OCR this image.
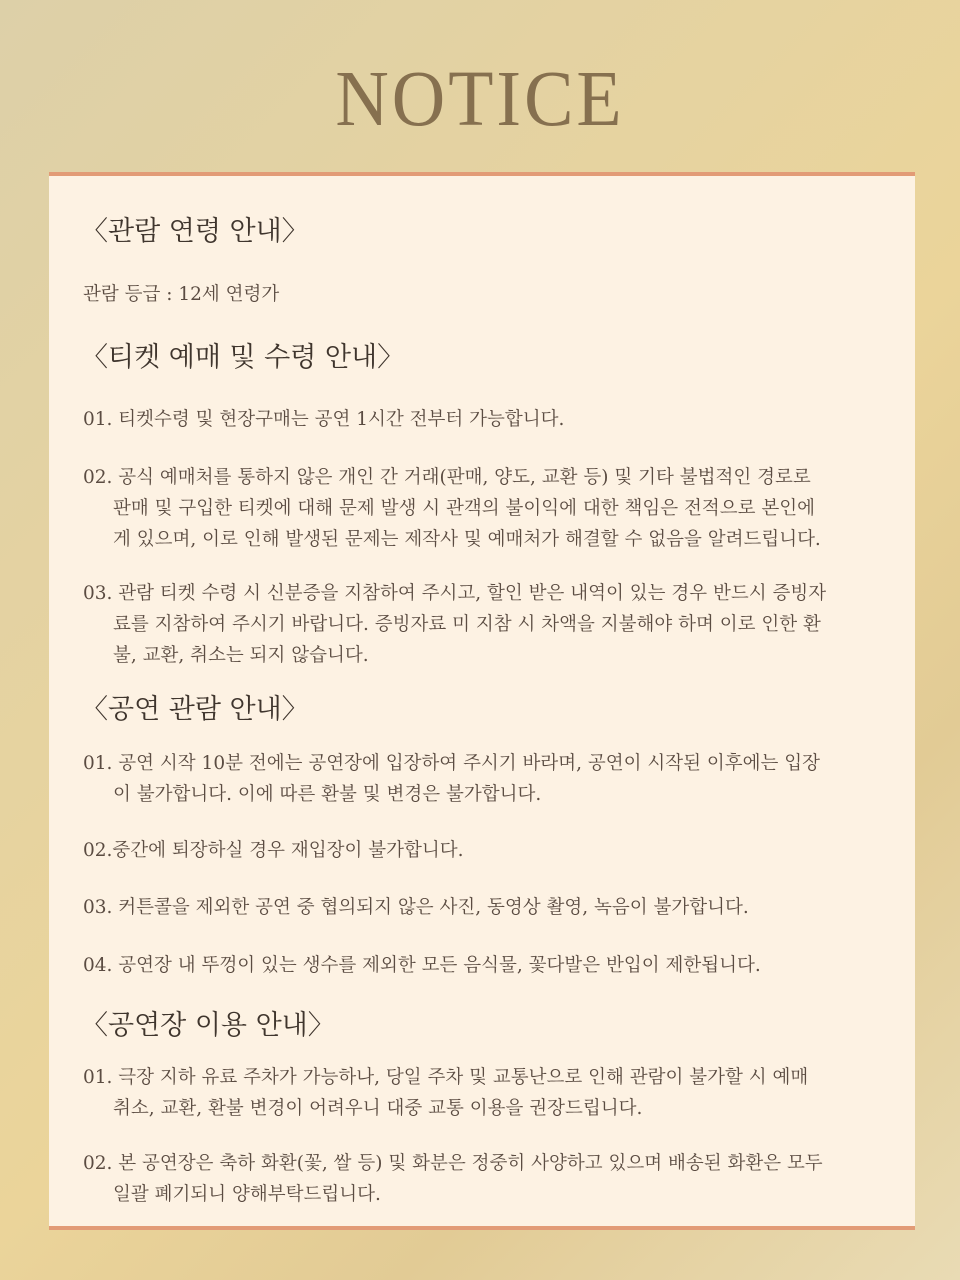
NOTICE
〈관람 연령 안내〉
관람 등급 : 12세 연령가
〈티켓 예매 및 수령 안내〉
01. 티켓수령 및 현장구매는 공연 1시간 전부터 가능합니다.
02. 공식 예매처를 통하지 않은 개인 간 거래(판매, 양도, 교환 등) 및 기타 불법적인 경로로
판매 및 구입한 티켓에 대해 문제 발생 시 관객의 불이익에 대한 책임은 전적으로 본인에
게 있으며, 이로 인해 발생된 문제는 제작사 및 예매처가 해결할 수 없음을 알려드립니다.
03. 관람 티켓 수령 시 신분증을 지참하여 주시고, 할인 받은 내역이 있는 경우 반드시 증빙자
료를 지참하여 주시기 바랍니다. 증빙자료 미 지참 시 차액을 지불해야 하며 이로 인한 환
불, 교환, 취소는 되지 않습니다.
〈공연 관람 안내〉
01. 공연 시작 10분 전에는 공연장에 입장하여 주시기 바라며, 공연이 시작된 이후에는 입장
이 불가합니다. 이에 따른 환불 및 변경은 불가합니다.
02.중간에 퇴장하실 경우 재입장이 불가합니다.
03. 커튼콜을 제외한 공연 중 협의되지 않은 사진, 동영상 촬영, 녹음이 불가합니다.
04. 공연장 내 뚜껑이 있는 생수를 제외한 모든 음식물, 꽃다발은 반입이 제한됩니다.
〈공연장 이용 안내〉
01. 극장 지하 유료 주차가 가능하나, 당일 주차 및 교통난으로 인해 관람이 불가할 시 예매
취소, 교환, 환불 변경이 어려우니 대중 교통 이용을 권장드립니다.
02. 본 공연장은 축하 화환(꽃, 쌀 등) 및 화분은 정중히 사양하고 있으며 배송된 화환은 모두
일괄 폐기되니 양해부탁드립니다.
